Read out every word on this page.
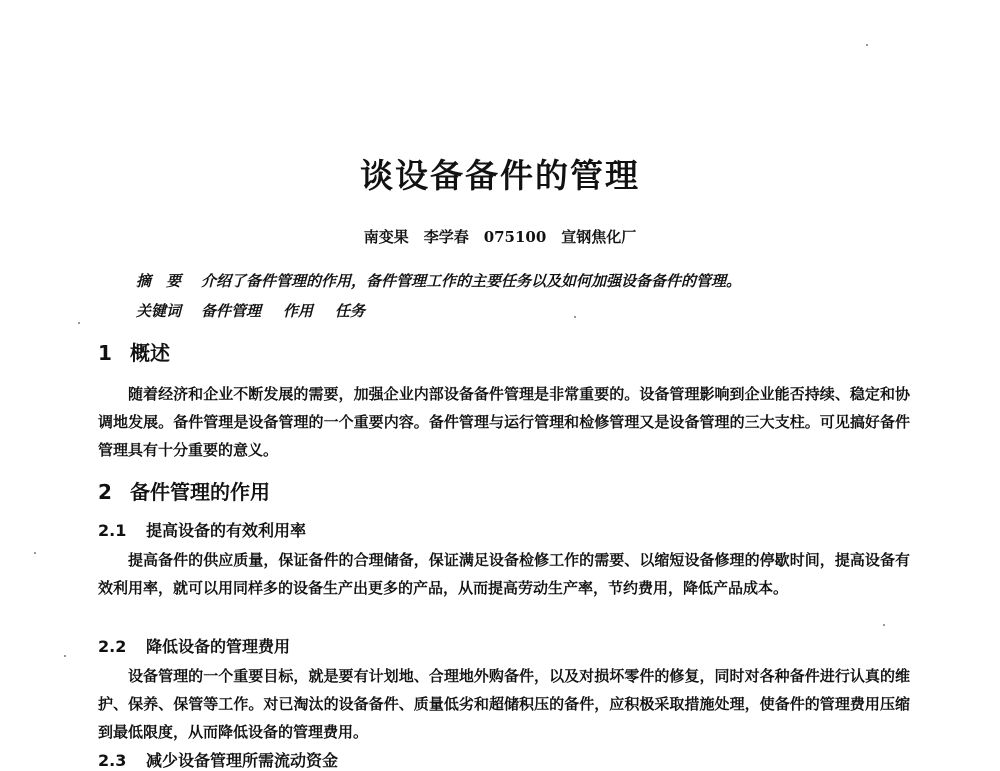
谈设备备件的管理
南变果　李学春　075100　宣钢焦化厂
摘　要 介绍了备件管理的作用，备件管理工作的主要任务以及如何加强设备备件的管理。
关键词 备件管理 作用 任务
1 概述
随着经济和企业不断发展的需要，加强企业内部设备备件管理是非常重要的。设备管理影响到企业能否持续、稳定和协调地发展。备件管理是设备管理的一个重要内容。备件管理与运行管理和检修管理又是设备管理的三大支柱。可见搞好备件管理具有十分重要的意义。
2 备件管理的作用
2.1 提高设备的有效利用率
提高备件的供应质量，保证备件的合理储备，保证满足设备检修工作的需要、以缩短设备修理的停歇时间，提高设备有效利用率，就可以用同样多的设备生产出更多的产品，从而提高劳动生产率，节约费用，降低产品成本。
2.2 降低设备的管理费用
设备管理的一个重要目标，就是要有计划地、合理地外购备件，以及对损坏零件的修复，同时对各种备件进行认真的维护、保养、保管等工作。对已淘汰的设备备件、质量低劣和超储积压的备件，应积极采取措施处理，使备件的管理费用压缩到最低限度，从而降低设备的管理费用。
2.3 减少设备管理所需流动资金
